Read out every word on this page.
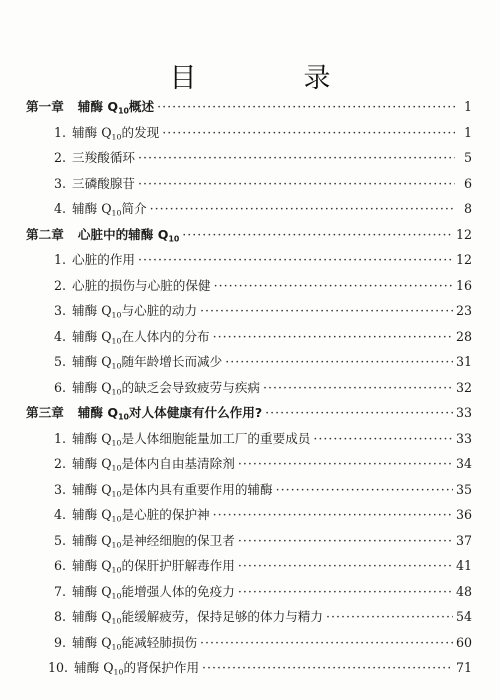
目　录
第一章 辅酶 $Q_{10}$概述 ·····	1
1. 辅酶 $Q_{10}$的发现 ·····	1
2. 三羧酸循环 ·····	5
3. 三磷酸腺苷 ·····	6
4. 辅酶 $Q_{10}$简介 ·····	8
第二章 心脏中的辅酶 $Q_{10}$ ·····	12
1. 心脏的作用 ·····	12
2. 心脏的损伤与心脏的保健 ·····	16
3. 辅酶 $Q_{10}$与心脏的动力 ·····	23
4. 辅酶 $Q_{10}$在人体内的分布 ·····	28
5. 辅酶 $Q_{10}$随年龄增长而减少 ·····	31
6. 辅酶 $Q_{10}$的缺乏会导致疲劳与疾病 ·····	32
第三章 辅酶 $Q_{10}$对人体健康有什么作用? ·····	33
1. 辅酶 $Q_{10}$是人体细胞能量加工厂的重要成员 ·····	33
2. 辅酶 $Q_{10}$是体内自由基清除剂 ·····	34
3. 辅酶 $Q_{10}$是体内具有重要作用的辅酶 ·····	35
4. 辅酶 $Q_{10}$是心脏的保护神 ·····	36
5. 辅酶 $Q_{10}$是神经细胞的保卫者 ·····	37
6. 辅酶 $Q_{10}$的保肝护肝解毒作用 ·····	41
7. 辅酶 $Q_{10}$能增强人体的免疫力 ·····	48
8. 辅酶 $Q_{10}$能缓解疲劳，保持足够的体力与精力 ·····	54
9. 辅酶 $Q_{10}$能减轻肺损伤 ·····	60
10. 辅酶 $Q_{10}$的肾保护作用 ·····	71
